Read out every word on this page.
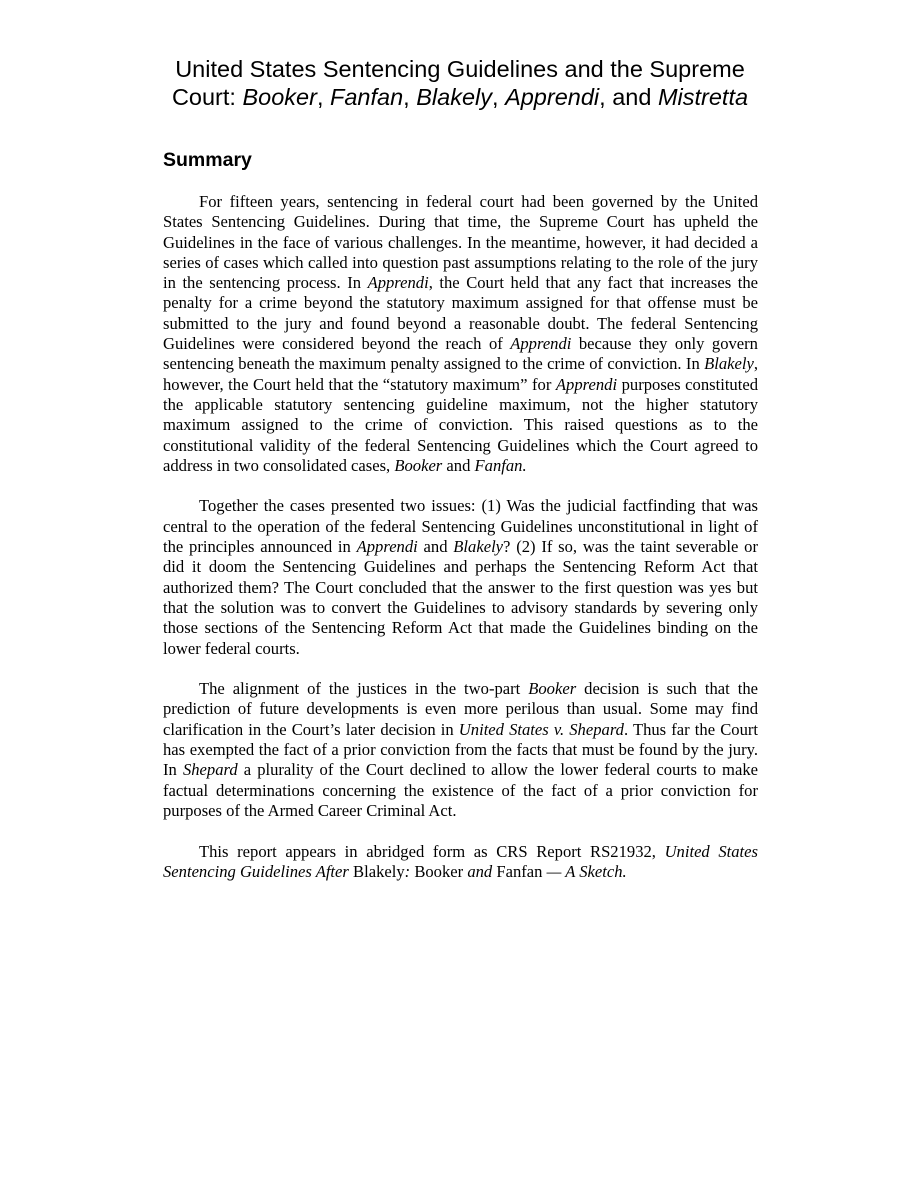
United States Sentencing Guidelines and the Supreme
Court: Booker, Fanfan, Blakely, Apprendi, and Mistretta
Summary

For fifteen years, sentencing in federal court had been governed by the United States Sentencing Guidelines. During that time, the Supreme Court has upheld the Guidelines in the face of various challenges. In the meantime, however, it had decided a series of cases which called into question past assumptions relating to the role of the jury in the sentencing process. In Apprendi, the Court held that any fact that increases the penalty for a crime beyond the statutory maximum assigned for that offense must be submitted to the jury and found beyond a reasonable doubt. The federal Sentencing Guidelines were considered beyond the reach of Apprendi because they only govern sentencing beneath the maximum penalty assigned to the crime of conviction. In Blakely, however, the Court held that the “statutory maximum” for Apprendi purposes constituted the applicable statutory sentencing guideline maximum, not the higher statutory maximum assigned to the crime of conviction. This raised questions as to the constitutional validity of the federal Sentencing Guidelines which the Court agreed to address in two consolidated cases, Booker and Fanfan.

Together the cases presented two issues: (1) Was the judicial factfinding that was central to the operation of the federal Sentencing Guidelines unconstitutional in light of the principles announced in Apprendi and Blakely? (2) If so, was the taint severable or did it doom the Sentencing Guidelines and perhaps the Sentencing Reform Act that authorized them? The Court concluded that the answer to the first question was yes but that the solution was to convert the Guidelines to advisory standards by severing only those sections of the Sentencing Reform Act that made the Guidelines binding on the lower federal courts.

The alignment of the justices in the two-part Booker decision is such that the prediction of future developments is even more perilous than usual. Some may find clarification in the Court’s later decision in United States v. Shepard. Thus far the Court has exempted the fact of a prior conviction from the facts that must be found by the jury. In Shepard a plurality of the Court declined to allow the lower federal courts to make factual determinations concerning the existence of the fact of a prior conviction for purposes of the Armed Career Criminal Act.

This report appears in abridged form as CRS Report RS21932, United States Sentencing Guidelines After Blakely: Booker and Fanfan — A Sketch.
